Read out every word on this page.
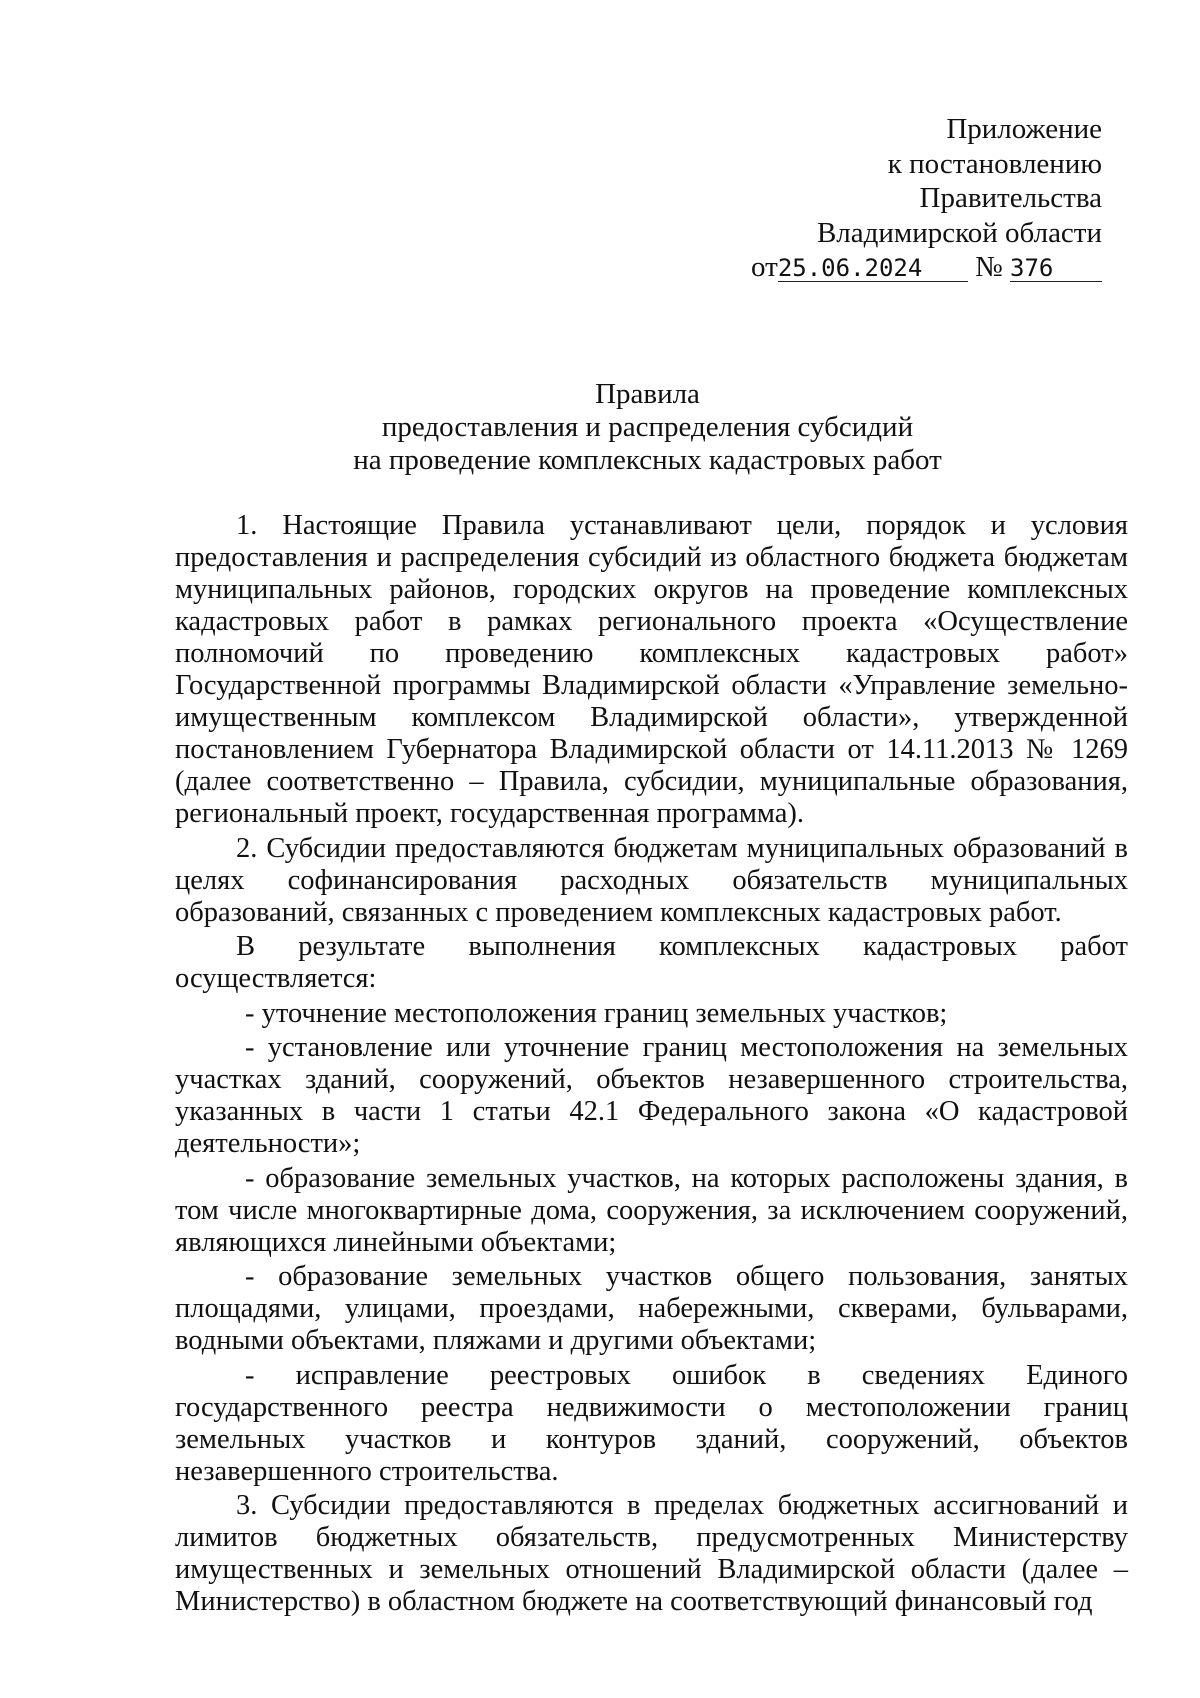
Приложение
к постановлению
Правительства
Владимирской области
от25.06.2024 № 376
Правила
предоставления и распределения субсидий
на проведение комплексных кадастровых работ

1. Настоящие Правила устанавливают цели, порядок и условия предоставления и распределения субсидий из областного бюджета бюджетам муниципальных районов, городских округов на проведение комплексных кадастровых работ в рамках регионального проекта «Осуществление полномочий по проведению комплексных кадастровых работ» Государственной программы Владимирской области «Управление земельно-имущественным комплексом Владимирской области», утвержденной постановлением Губернатора Владимирской области от 14.11.2013 № 1269 (далее соответственно – Правила, субсидии, муниципальные образования, региональный проект, государственная программа).

2. Субсидии предоставляются бюджетам муниципальных образований в целях софинансирования расходных обязательств муниципальных образований, связанных с проведением комплексных кадастровых работ.

В результате выполнения комплексных кадастровых работ осуществляется:

- уточнение местоположения границ земельных участков;

- установление или уточнение границ местоположения на земельных участках зданий, сооружений, объектов незавершенного строительства, указанных в части 1 статьи 42.1 Федерального закона «О кадастровой деятельности»;

- образование земельных участков, на которых расположены здания, в том числе многоквартирные дома, сооружения, за исключением сооружений, являющихся линейными объектами;

- образование земельных участков общего пользования, занятых площадями, улицами, проездами, набережными, скверами, бульварами, водными объектами, пляжами и другими объектами;

- исправление реестровых ошибок в сведениях Единого государственного реестра недвижимости о местоположении границ земельных участков и контуров зданий, сооружений, объектов незавершенного строительства.

3. Субсидии предоставляются в пределах бюджетных ассигнований и лимитов бюджетных обязательств, предусмотренных Министерству имущественных и земельных отношений Владимирской области (далее – Министерство) в областном бюджете на соответствующий финансовый год
